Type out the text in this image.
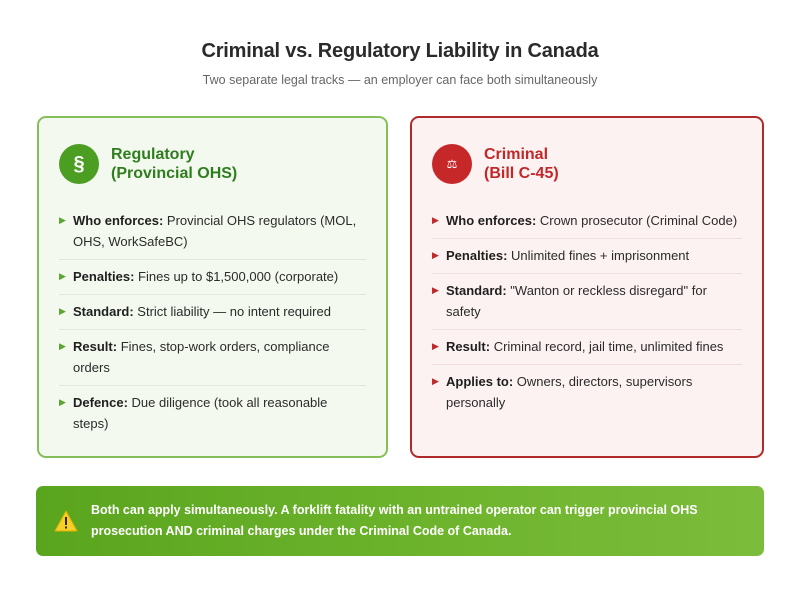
Criminal vs. Regulatory Liability in Canada
Two separate legal tracks — an employer can face both simultaneously
§	Regulatory
(Provincial OHS)
▶ Who enforces: Provincial OHS regulators (MOL, OHS, WorkSafeBC)
▶ Penalties: Fines up to $1,500,000 (corporate)
▶ Standard: Strict liability — no intent required
▶ Result: Fines, stop-work orders, compliance orders
▶ Defence: Due diligence (took all reasonable steps)
⚖
Criminal
(Bill C-45)
▶ Who enforces: Crown prosecutor (Criminal Code)
▶ Penalties: Unlimited fines + imprisonment
▶ Standard: "Wanton or reckless disregard" for safety
▶ Result: Criminal record, jail time, unlimited fines
▶ Applies to: Owners, directors, supervisors personally
Both can apply simultaneously. A forklift fatality with an untrained operator can trigger provincial OHS prosecution AND criminal charges under the Criminal Code of Canada.
